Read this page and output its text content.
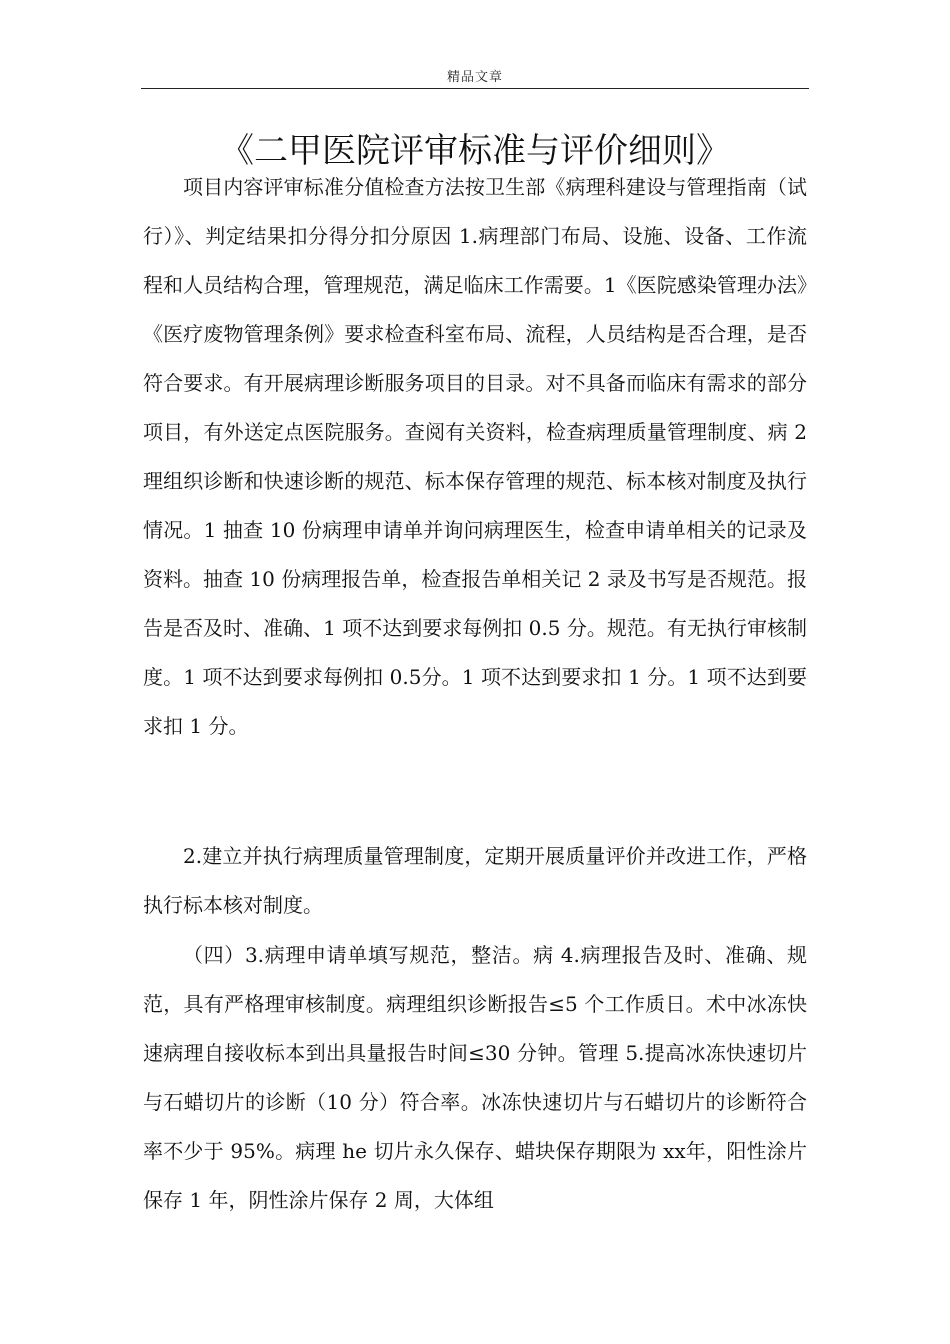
精品文章
《二甲医院评审标准与评价细则》

项目内容评审标准分值检查方法按卫生部《病理科建设与管理指南（试行）》、判定结果扣分得分扣分原因 1.病理部门布局、设施、设备、工作流程和人员结构合理，管理规范，满足临床工作需要。1《医院感染管理办法》《医疗废物管理条例》要求检查科室布局、流程，人员结构是否合理，是否符合要求。有开展病理诊断服务项目的目录。对不具备而临床有需求的部分项目，有外送定点医院服务。查阅有关资料，检查病理质量管理制度、病 2 理组织诊断和快速诊断的规范、标本保存管理的规范、标本核对制度及执行情况。1 抽查 10 份病理申请单并询问病理医生，检查申请单相关的记录及资料。抽查 10 份病理报告单，检查报告单相关记 2 录及书写是否规范。报告是否及时、准确、1 项不达到要求每例扣 0.5 分。规范。有无执行审核制度。1 项不达到要求每例扣 0.5分。1 项不达到要求扣 1 分。1 项不达到要求扣 1 分。

2.建立并执行病理质量管理制度，定期开展质量评价并改进工作，严格执行标本核对制度。

（四）3.病理申请单填写规范，整洁。病 4.病理报告及时、准确、规范，具有严格理审核制度。病理组织诊断报告≤5 个工作质日。术中冰冻快速病理自接收标本到出具量报告时间≤30 分钟。管理 5.提高冰冻快速切片与石蜡切片的诊断（10 分）符合率。冰冻快速切片与石蜡切片的诊断符合率不少于 95%。病理 he 切片永久保存、蜡块保存期限为 xx年，阳性涂片保存 1 年，阴性涂片保存 2 周，大体组
